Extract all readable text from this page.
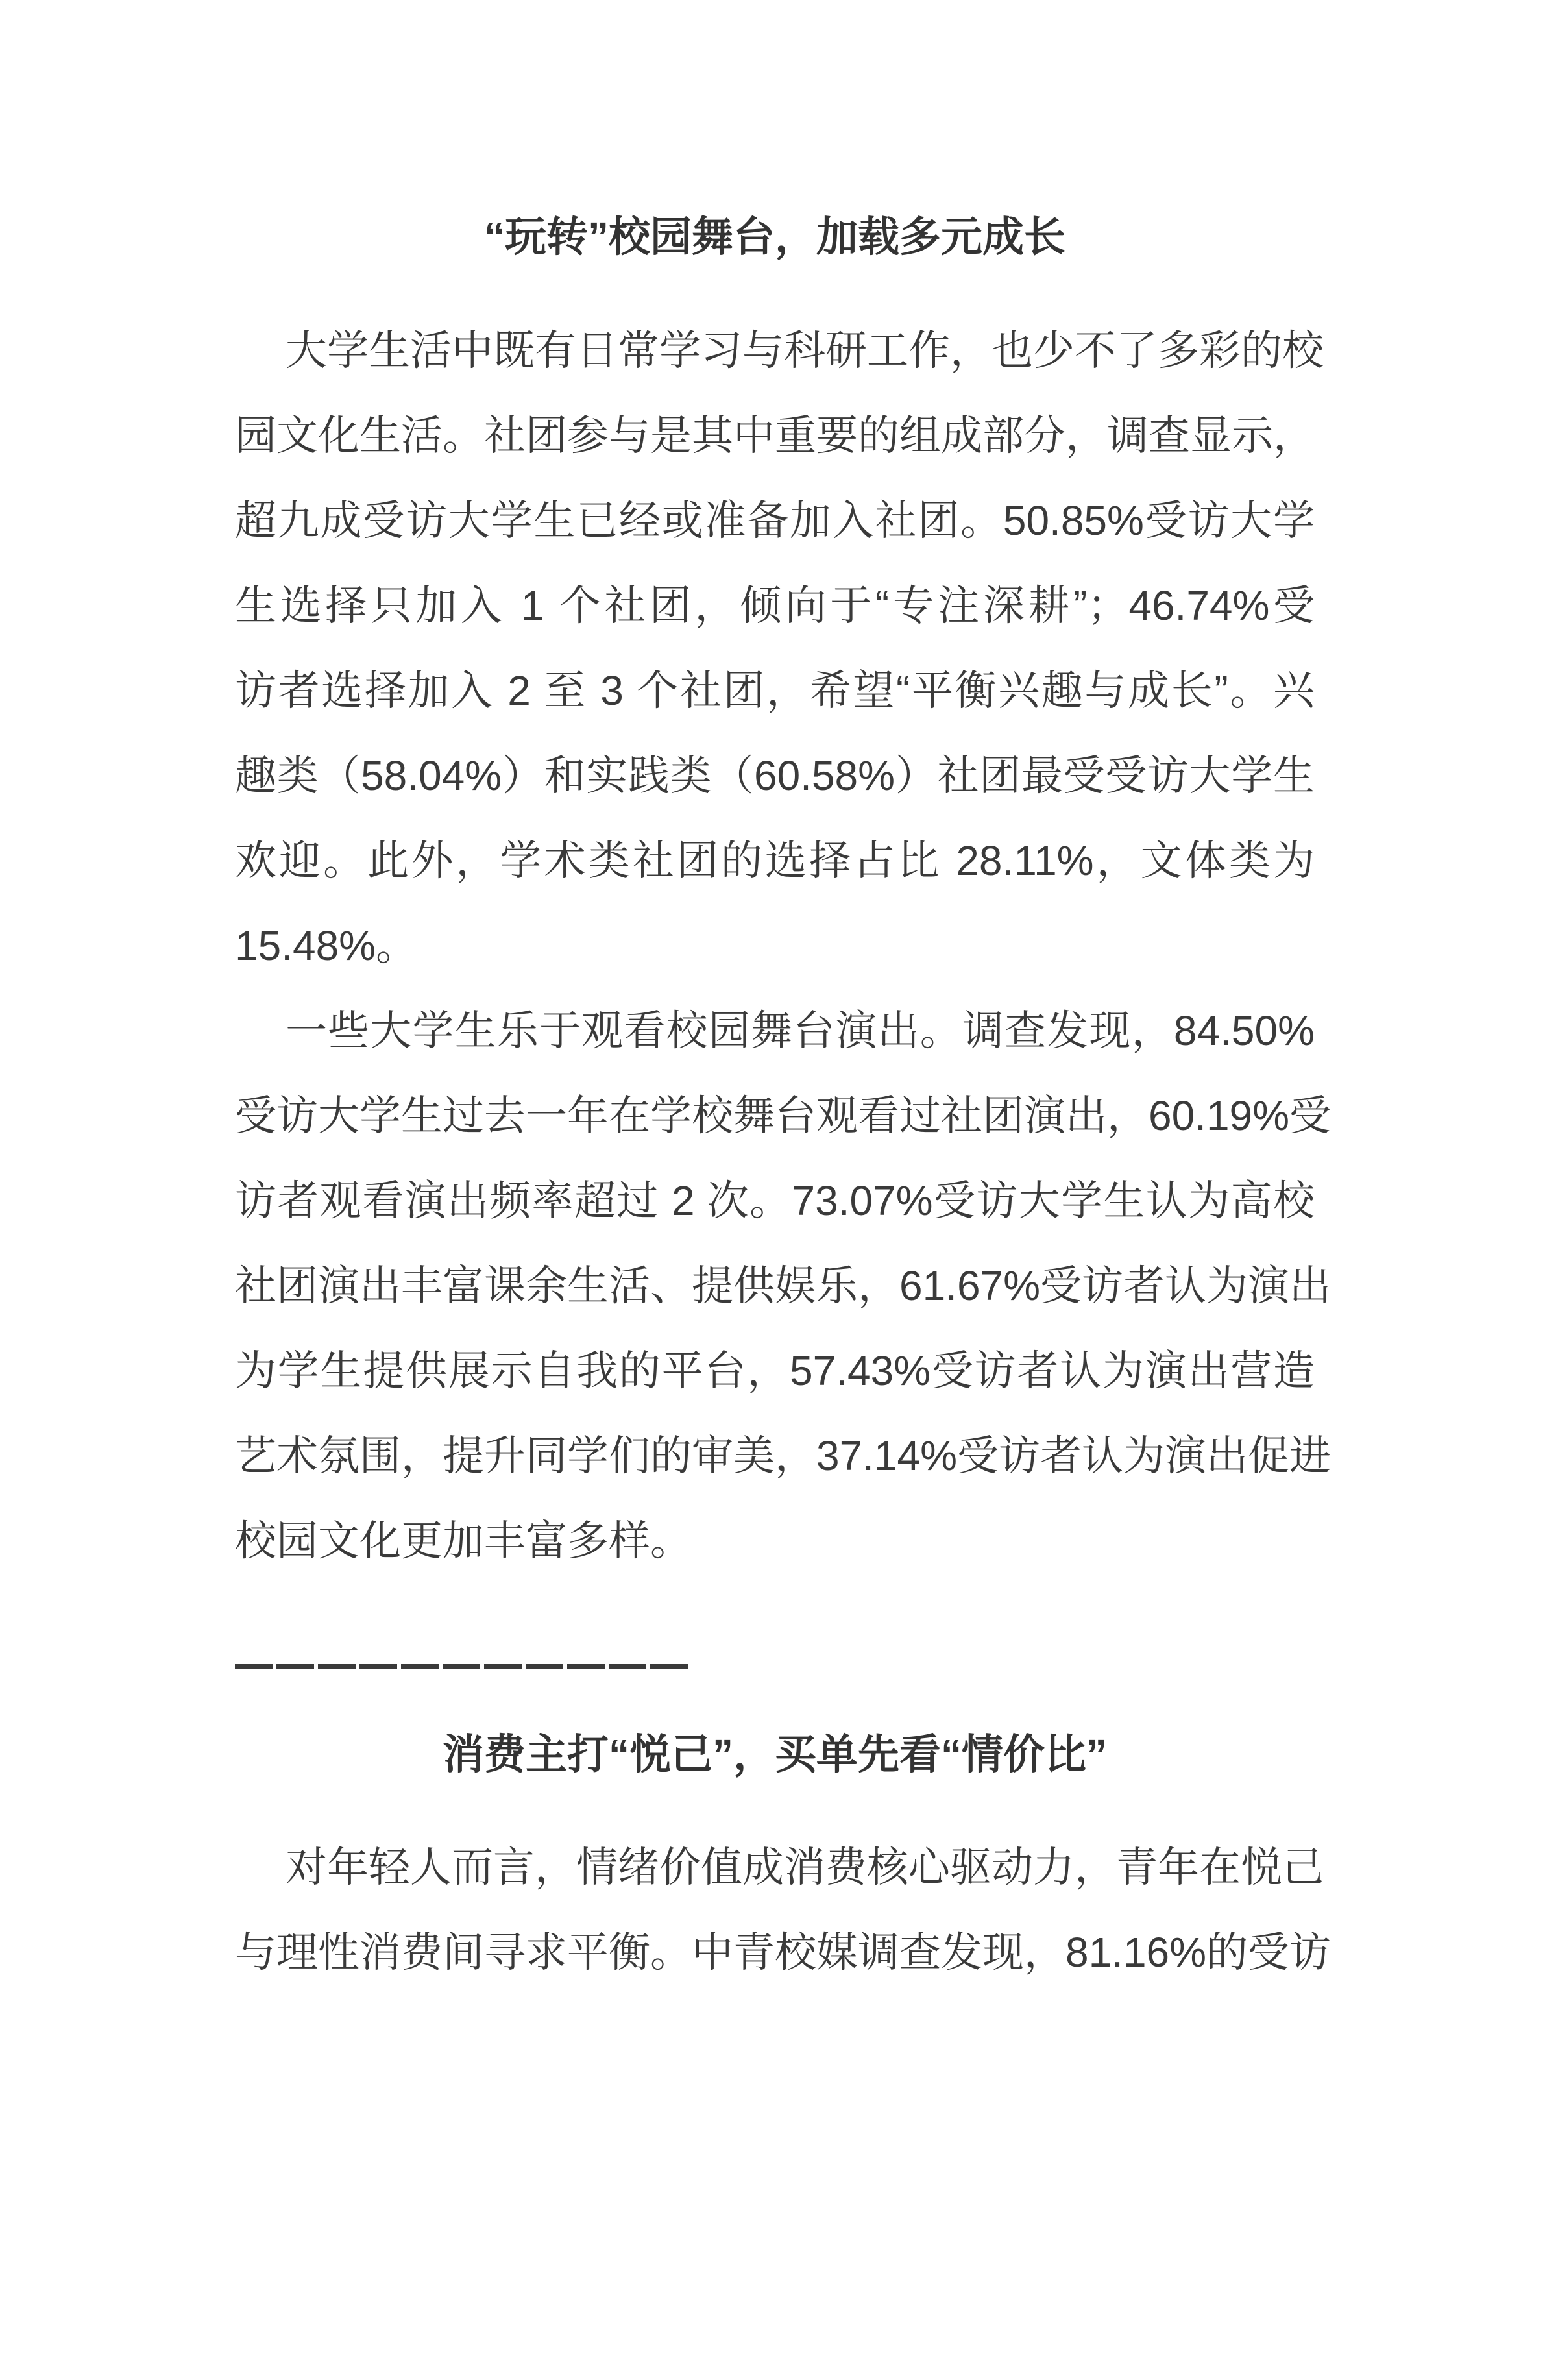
“玩转”校园舞台，加载多元成长
大学生活中既有日常学习与科研工作，也少不了多彩的校
园文化生活。社团参与是其中重要的组成部分，调查显示，
超九成受访大学生已经或准备加入社团。50.85%受访大学
生选择只加入 1 个社团，倾向于“专注深耕”；46.74%受
访者选择加入 2 至 3 个社团，希望“平衡兴趣与成长”。兴
趣类（58.04%）和实践类（60.58%）社团最受受访大学生
欢迎。此外，学术类社团的选择占比 28.11%，文体类为
15.48%。
一些大学生乐于观看校园舞台演出。调查发现，84.50%
受访大学生过去一年在学校舞台观看过社团演出，60.19%受
访者观看演出频率超过 2 次。73.07%受访大学生认为高校
社团演出丰富课余生活、提供娱乐，61.67%受访者认为演出
为学生提供展示自我的平台，57.43%受访者认为演出营造
艺术氛围，提升同学们的审美，37.14%受访者认为演出促进
校园文化更加丰富多样。
消费主打“悦己”，买单先看“情价比”
对年轻人而言，情绪价值成消费核心驱动力，青年在悦己
与理性消费间寻求平衡。中青校媒调查发现，81.16%的受访
